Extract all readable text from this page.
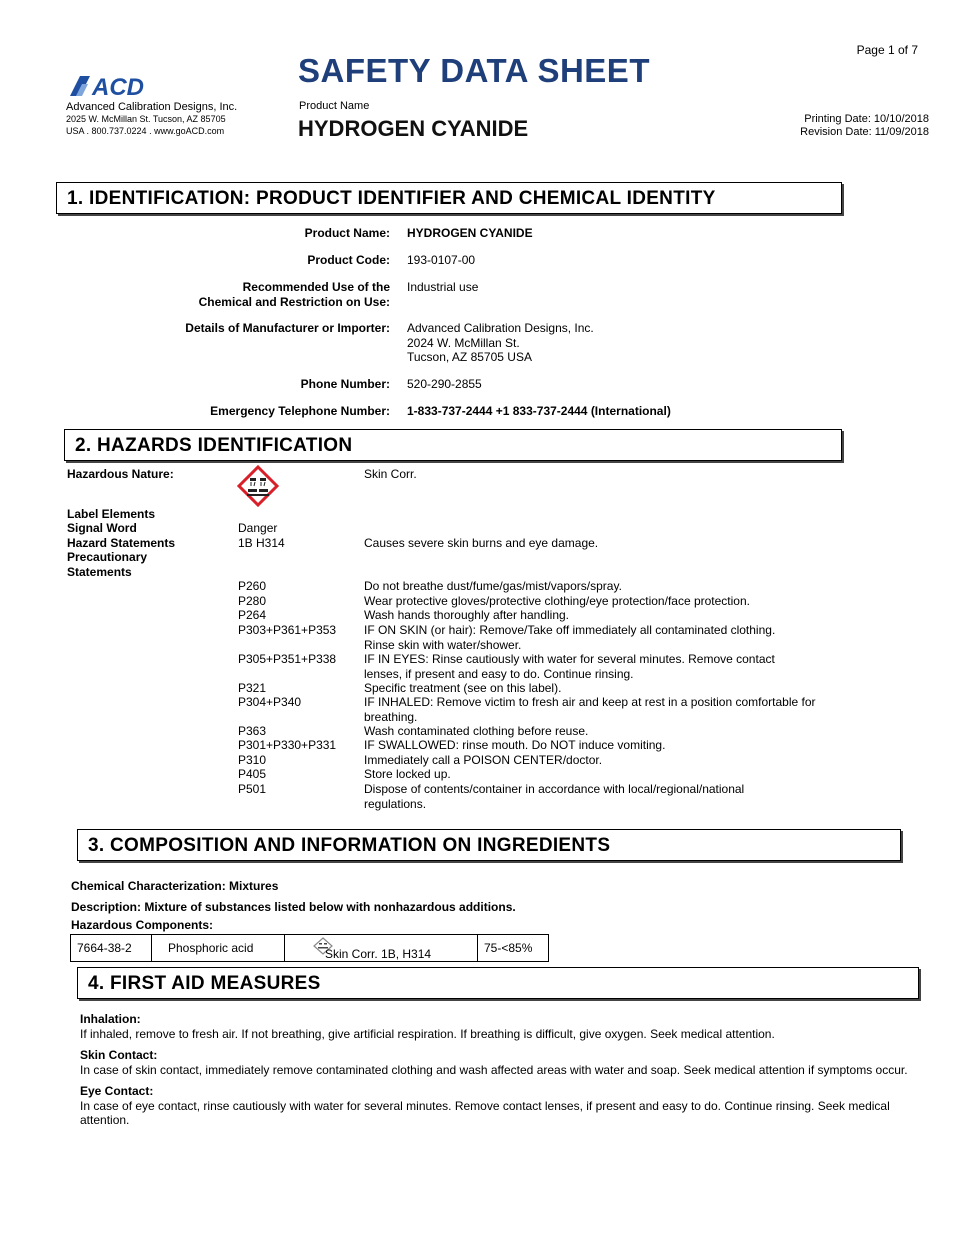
ACD
Advanced Calibration Designs, Inc.
2025 W. McMillan St. Tucson, AZ 85705
USA . 800.737.0224 . www.goACD.com
SAFETY DATA SHEET
Product Name
HYDROGEN CYANIDE
Page 1 of 7
Printing Date: 10/10/2018
Revision Date: 11/09/2018
1. IDENTIFICATION: PRODUCT IDENTIFIER AND CHEMICAL IDENTITY
Product Name: HYDROGEN CYANIDE
Product Code: 193-0107-00
Recommended Use of the
Chemical and Restriction on Use:
Industrial use
Details of Manufacturer or Importer: Advanced Calibration Designs, Inc.
2024 W. McMillan St.
Tucson, AZ 85705 USA
Phone Number: 520-290-2855
Emergency Telephone Number: 1-833-737-2444 +1 833-737-2444 (International)
2. HAZARDS IDENTIFICATION
Hazardous Nature:	Skin Corr.
Label Elements
Signal Word	Danger
Hazard Statements	1B H314	Causes severe skin burns and eye damage.
Precautionary
Statements
P260	Do not breathe dust/fume/gas/mist/vapors/spray.
P280	Wear protective gloves/protective clothing/eye protection/face protection.
P264	Wash hands thoroughly after handling.
P303+P361+P353 IF ON SKIN (or hair): Remove/Take off immediately all contaminated clothing. Rinse skin with water/shower.
P305+P351+P338 IF IN EYES: Rinse cautiously with water for several minutes. Remove contact lenses, if present and easy to do. Continue rinsing.
P321	Specific treatment (see on this label).
P304+P340	IF INHALED: Remove victim to fresh air and keep at rest in a position comfortable for breathing.
P363	Wash contaminated clothing before reuse.
P301+P330+P331 IF SWALLOWED: rinse mouth. Do NOT induce vomiting.
P310	Immediately call a POISON CENTER/doctor.
P405	Store locked up.
P501	Dispose of contents/container in accordance with local/regional/national regulations.
3. COMPOSITION AND INFORMATION ON INGREDIENTS
Chemical Characterization: Mixtures
Description: Mixture of substances listed below with nonhazardous additions.
Hazardous Components:
7664-38-2	Phosphoric acid	Skin Corr. 1B, H314	75-<85%
4. FIRST AID MEASURES
Inhalation:
If inhaled, remove to fresh air. If not breathing, give artificial respiration. If breathing is difficult, give oxygen. Seek medical attention.
Skin Contact:
In case of skin contact, immediately remove contaminated clothing and wash affected areas with water and soap. Seek medical attention if symptoms occur.
Eye Contact:
In case of eye contact, rinse cautiously with water for several minutes. Remove contact lenses, if present and easy to do. Continue rinsing. Seek medical attention.
